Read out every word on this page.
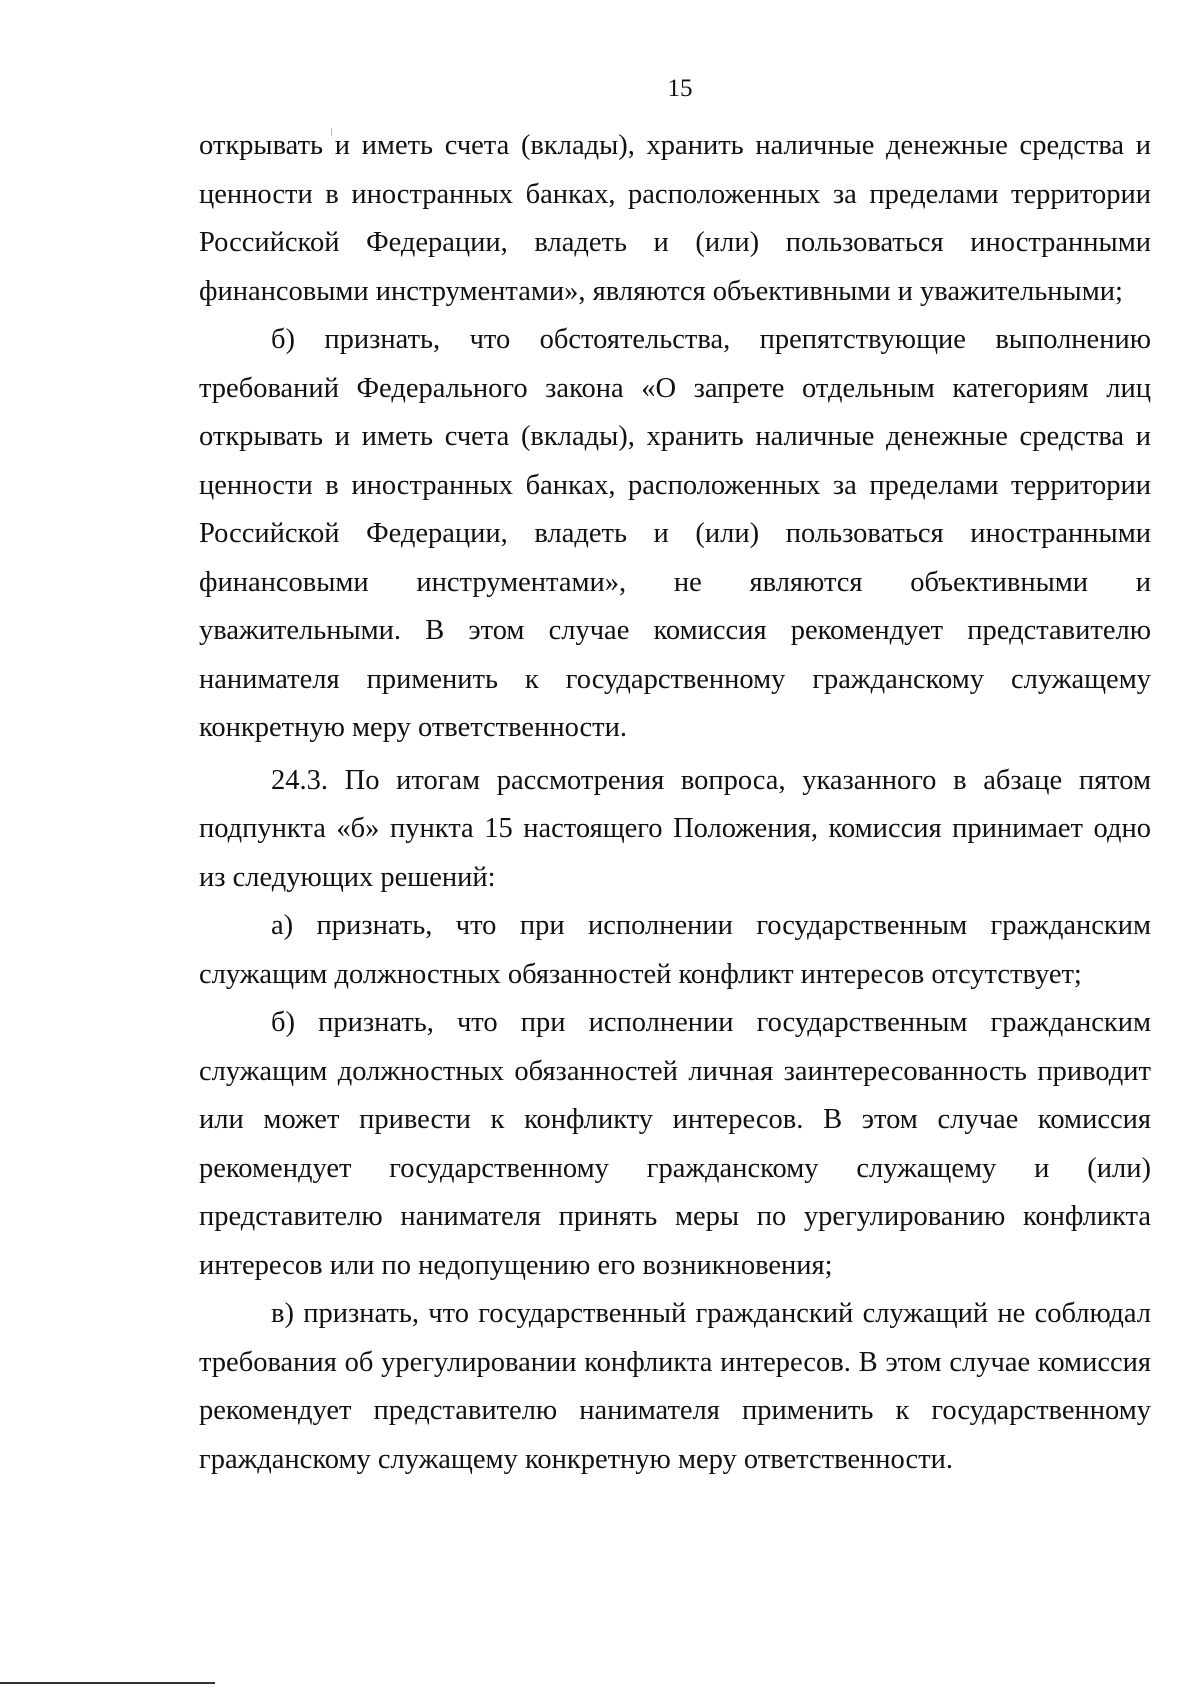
15

открывать и иметь счета (вклады), хранить наличные денежные средства и ценности в иностранных банках, расположенных за пределами территории Российской Федерации, владеть и (или) пользоваться иностранными финансовыми инструментами», являются объективными и уважительными;

б) признать, что обстоятельства, препятствующие выполнению требований Федерального закона «О запрете отдельным категориям лиц открывать и иметь счета (вклады), хранить наличные денежные средства и ценности в иностранных банках, расположенных за пределами территории Российской Федерации, владеть и (или) пользоваться иностранными финансовыми инструментами», не являются объективными и уважительными. В этом случае комиссия рекомендует представителю нанимателя применить к государственному гражданскому служащему конкретную меру ответственности.

24.3. По итогам рассмотрения вопроса, указанного в абзаце пятом подпункта «б» пункта 15 настоящего Положения, комиссия принимает одно из следующих решений:

а) признать, что при исполнении государственным гражданским служащим должностных обязанностей конфликт интересов отсутствует;

б) признать, что при исполнении государственным гражданским служащим должностных обязанностей личная заинтересованность приводит или может привести к конфликту интересов. В этом случае комиссия рекомендует государственному гражданскому служащему и (или) представителю нанимателя принять меры по урегулированию конфликта интересов или по недопущению его возникновения;

в) признать, что государственный гражданский служащий не соблюдал требования об урегулировании конфликта интересов. В этом случае комиссия рекомендует представителю нанимателя применить к государственному гражданскому служащему конкретную меру ответственности.
